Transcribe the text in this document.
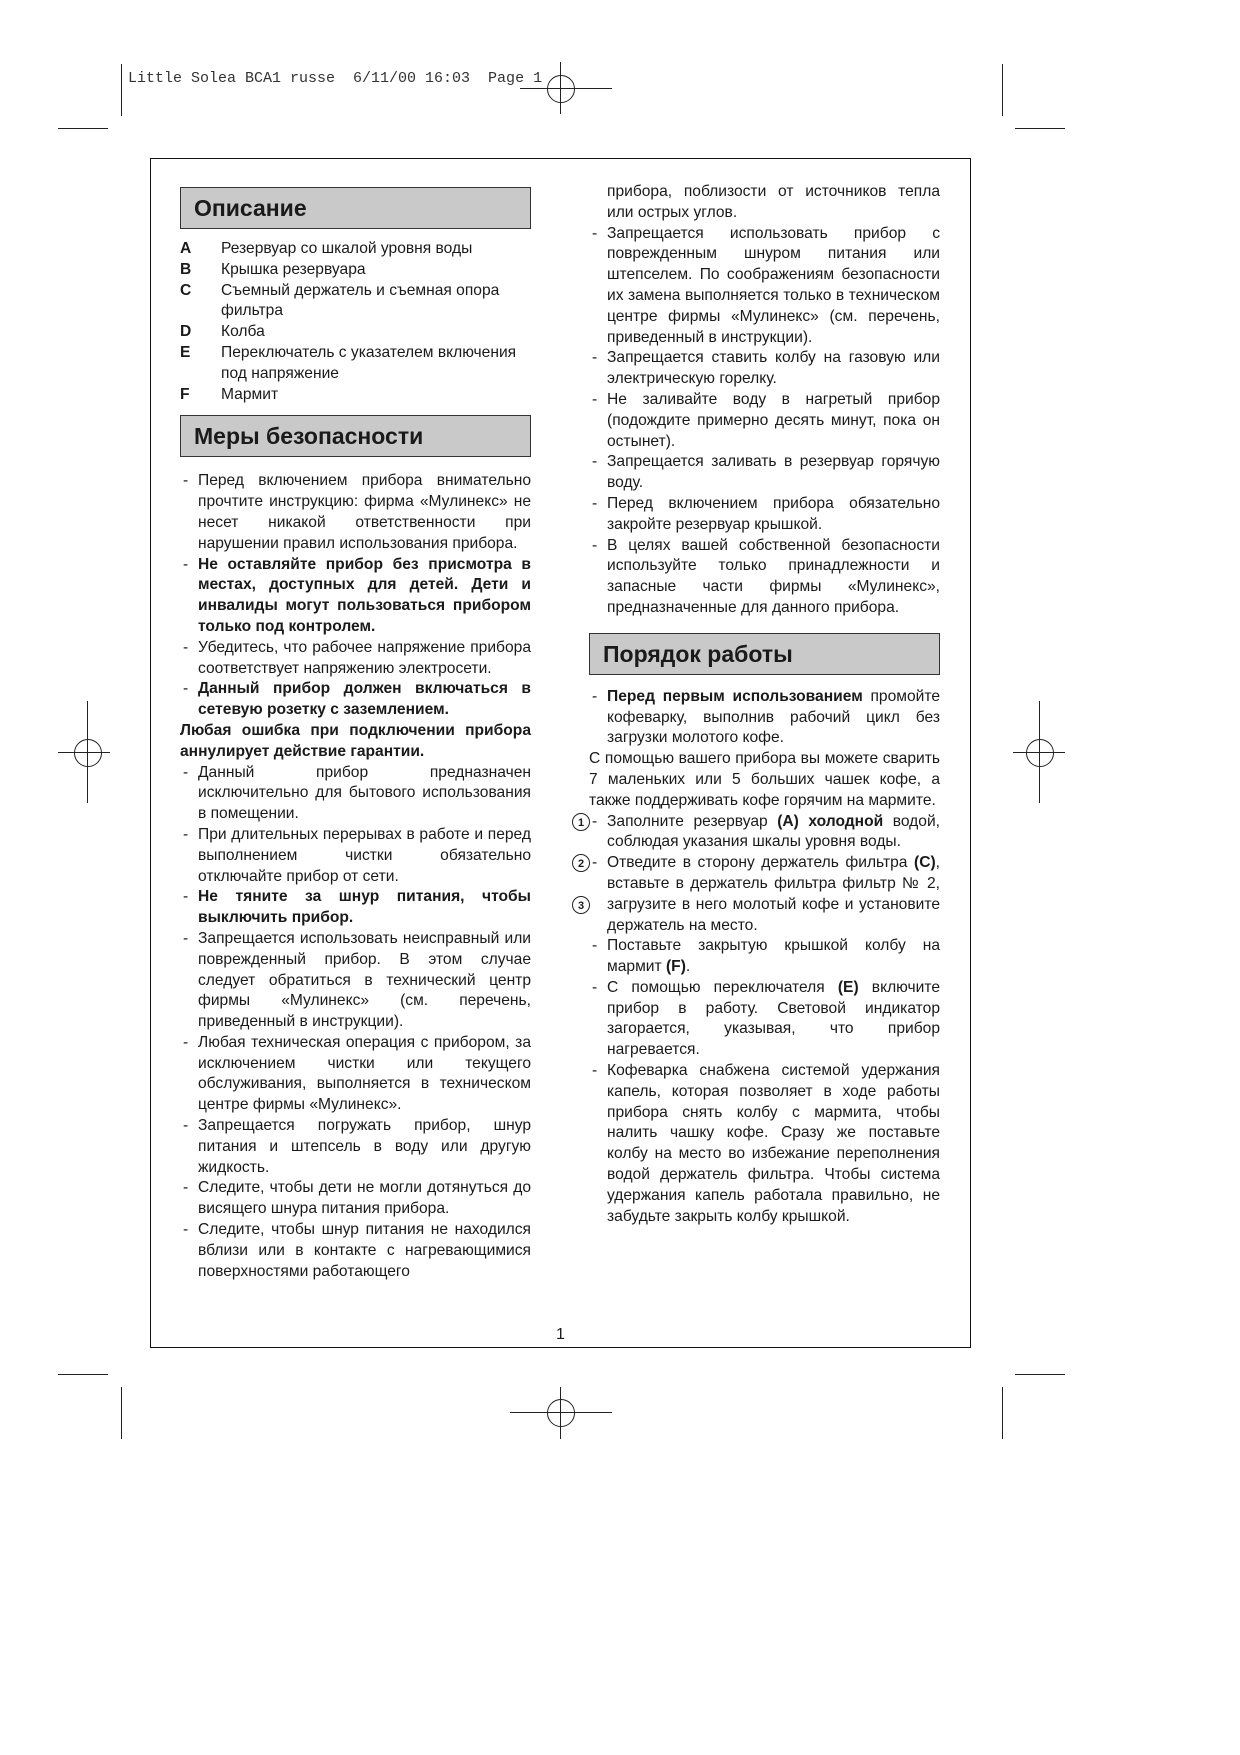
Little Solea BCA1 russe  6/11/00 16:03  Page 1
Описание
A	Резервуар со шкалой уровня воды
B	Крышка резервуара
C	Съемный держатель и съемная опора фильтра
D	Колба
E	Переключатель с указателем включения под напряжение
F	Мармит
Меры безопасности
- Перед включением прибора внимательно прочтите инструкцию: фирма «Мулинекс» не несет никакой ответственности при нарушении правил использования прибора.
- Не оставляйте прибор без присмотра в местах, доступных для детей. Дети и инвалиды могут пользоваться прибором только под контролем.
- Убедитесь, что рабочее напряжение прибора соответствует напряжению электросети.
- Данный прибор должен включаться в сетевую розетку с заземлением.
Любая ошибка при подключении прибора аннулирует действие гарантии.
- Данный прибор предназначен исключительно для бытового использования в помещении.
- При длительных перерывах в работе и перед выполнением чистки обязательно отключайте прибор от сети.
- Не тяните за шнур питания, чтобы выключить прибор.
- Запрещается использовать неисправный или поврежденный прибор. В этом случае следует обратиться в технический центр фирмы «Мулинекс» (см. перечень, приведенный в инструкции).
- Любая техническая операция с прибором, за исключением чистки или текущего обслуживания, выполняется в техническом центре фирмы «Мулинекс».
- Запрещается погружать прибор, шнур питания и штепсель в воду или другую жидкость.
- Следите, чтобы дети не могли дотянуться до висящего шнура питания прибора.
- Следите, чтобы шнур питания не находился вблизи или в контакте с нагревающимися поверхностями работающего
прибора, поблизости от источников тепла или острых углов.
- Запрещается использовать прибор с поврежденным шнуром питания или штепселем. По соображениям безопасности их замена выполняется только в техническом центре фирмы «Мулинекс» (см. перечень, приведенный в инструкции).
- Запрещается ставить колбу на газовую или электрическую горелку.
- Не заливайте воду в нагретый прибор (подождите примерно десять минут, пока он остынет).
- Запрещается заливать в резервуар горячую воду.
- Перед включением прибора обязательно закройте резервуар крышкой.
- В целях вашей собственной безопасности используйте только принадлежности и запасные части фирмы «Мулинекс», предназначенные для данного прибора.
Порядок работы
- Перед первым использованием промойте кофеварку, выполнив рабочий цикл без загрузки молотого кофе.
С помощью вашего прибора вы можете сварить 7 маленьких или 5 больших чашек кофе, а также поддерживать кофе горячим на мармите.
-
1	Заполните резервуар (A) холодной водой, соблюдая указания шкалы уровня воды.
-
2
3
Отведите в сторону держатель фильтра (C), вставьте в держатель фильтра фильтр № 2, загрузите в него молотый кофе и установите держатель на место.
- Поставьте закрытую крышкой колбу на мармит (F).
- С помощью переключателя (E) включите прибор в работу. Световой индикатор загорается, указывая, что прибор нагревается.
- Кофеварка снабжена системой удержания капель, которая позволяет в ходе работы прибора снять колбу с мармита, чтобы налить чашку кофе. Сразу же поставьте колбу на место во избежание переполнения водой держатель фильтра. Чтобы система удержания капель работала правильно, не забудьте закрыть колбу крышкой.
1
